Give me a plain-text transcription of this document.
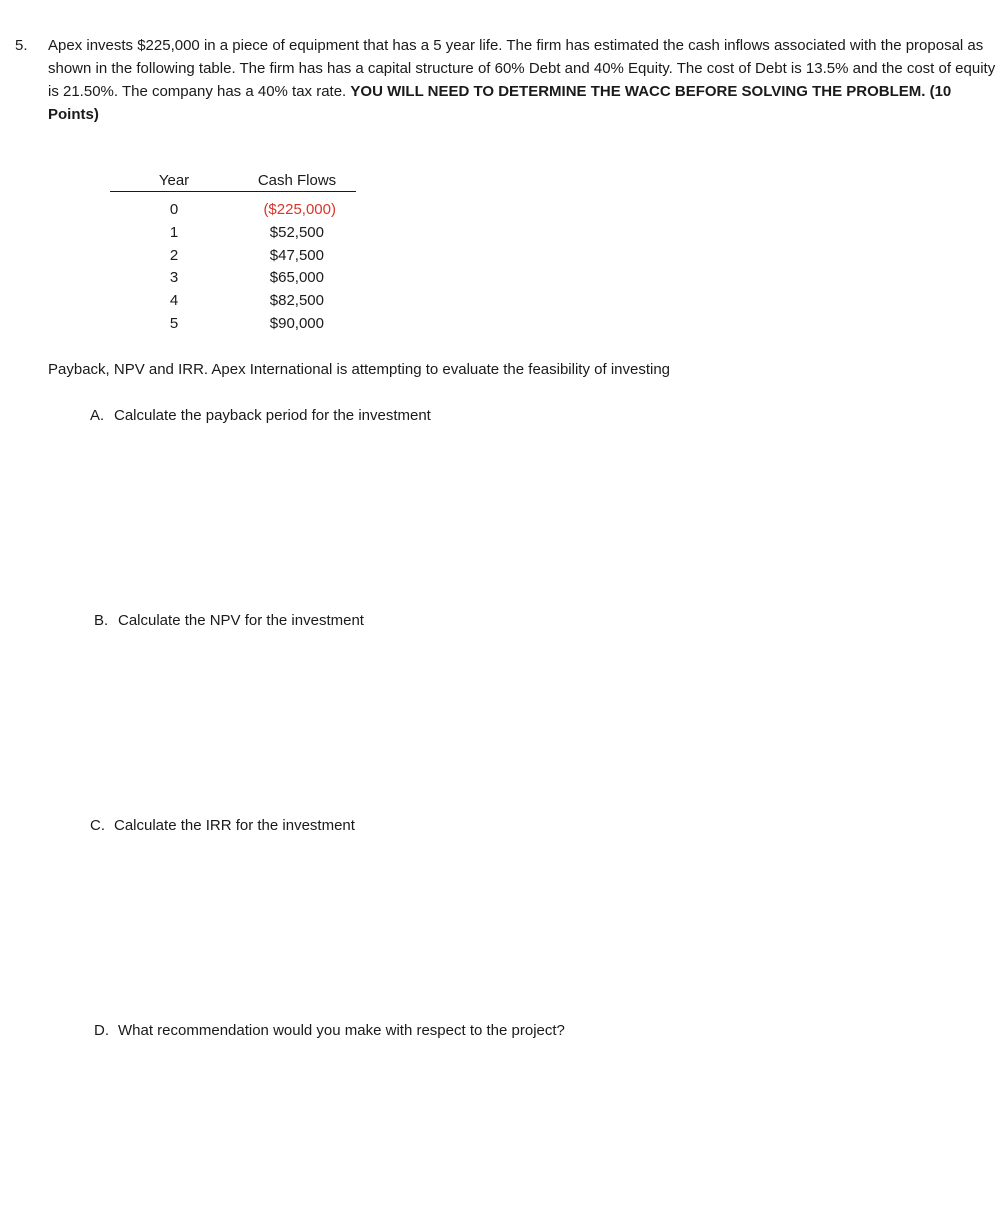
5. Apex invests $225,000 in a piece of equipment that has a 5 year life. The firm has estimated the cash inflows associated with the proposal as shown in the following table. The firm has has a capital structure of 60% Debt and 40% Equity. The cost of Debt is 13.5% and the cost of equity is 21.50%. The company has a 40% tax rate. YOU WILL NEED TO DETERMINE THE WACC BEFORE SOLVING THE PROBLEM. (10 Points)
Year	Cash Flows
0	($225,000)
1	$52,500
2	$47,500
3	$65,000
4	$82,500
5	$90,000
Payback, NPV and IRR. Apex International is attempting to evaluate the feasibility of investing
A. Calculate the payback period for the investment
B. Calculate the NPV for the investment
C. Calculate the IRR for the investment
D. What recommendation would you make with respect to the project?
